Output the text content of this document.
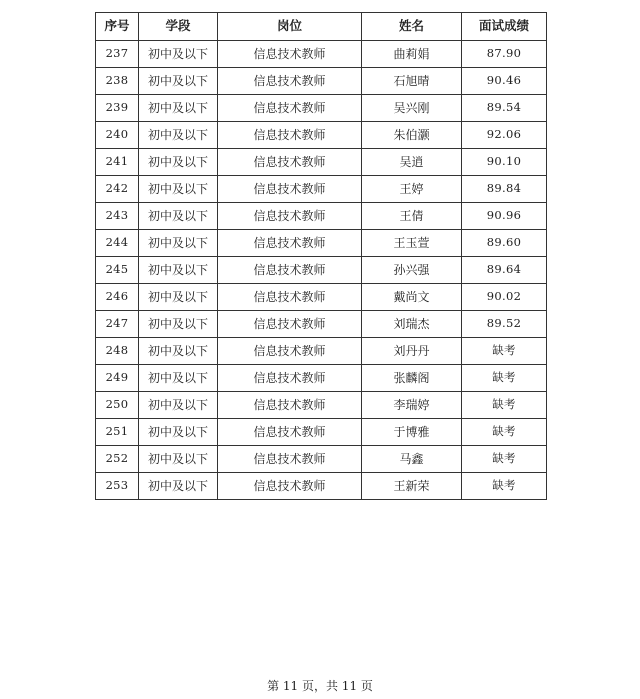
序号	学段	岗位	姓名	面试成绩
237	初中及以下	信息技术教师	曲莉娟	87.90
238	初中及以下	信息技术教师	石旭晴	90.46
239	初中及以下	信息技术教师	吴兴刚	89.54
240	初中及以下	信息技术教师	朱伯灏	92.06
241	初中及以下	信息技术教师	吴逍	90.10
242	初中及以下	信息技术教师	王婷	89.84
243	初中及以下	信息技术教师	王倩	90.96
244	初中及以下	信息技术教师	王玉萱	89.60
245	初中及以下	信息技术教师	孙兴强	89.64
246	初中及以下	信息技术教师	戴尚文	90.02
247	初中及以下	信息技术教师	刘瑞杰	89.52
248	初中及以下	信息技术教师	刘丹丹	缺考
249	初中及以下	信息技术教师	张麟阁	缺考
250	初中及以下	信息技术教师	李瑞婷	缺考
251	初中及以下	信息技术教师	于博雅	缺考
252	初中及以下	信息技术教师	马鑫	缺考
253	初中及以下	信息技术教师	王新荣	缺考
第 11 页，共 11 页
